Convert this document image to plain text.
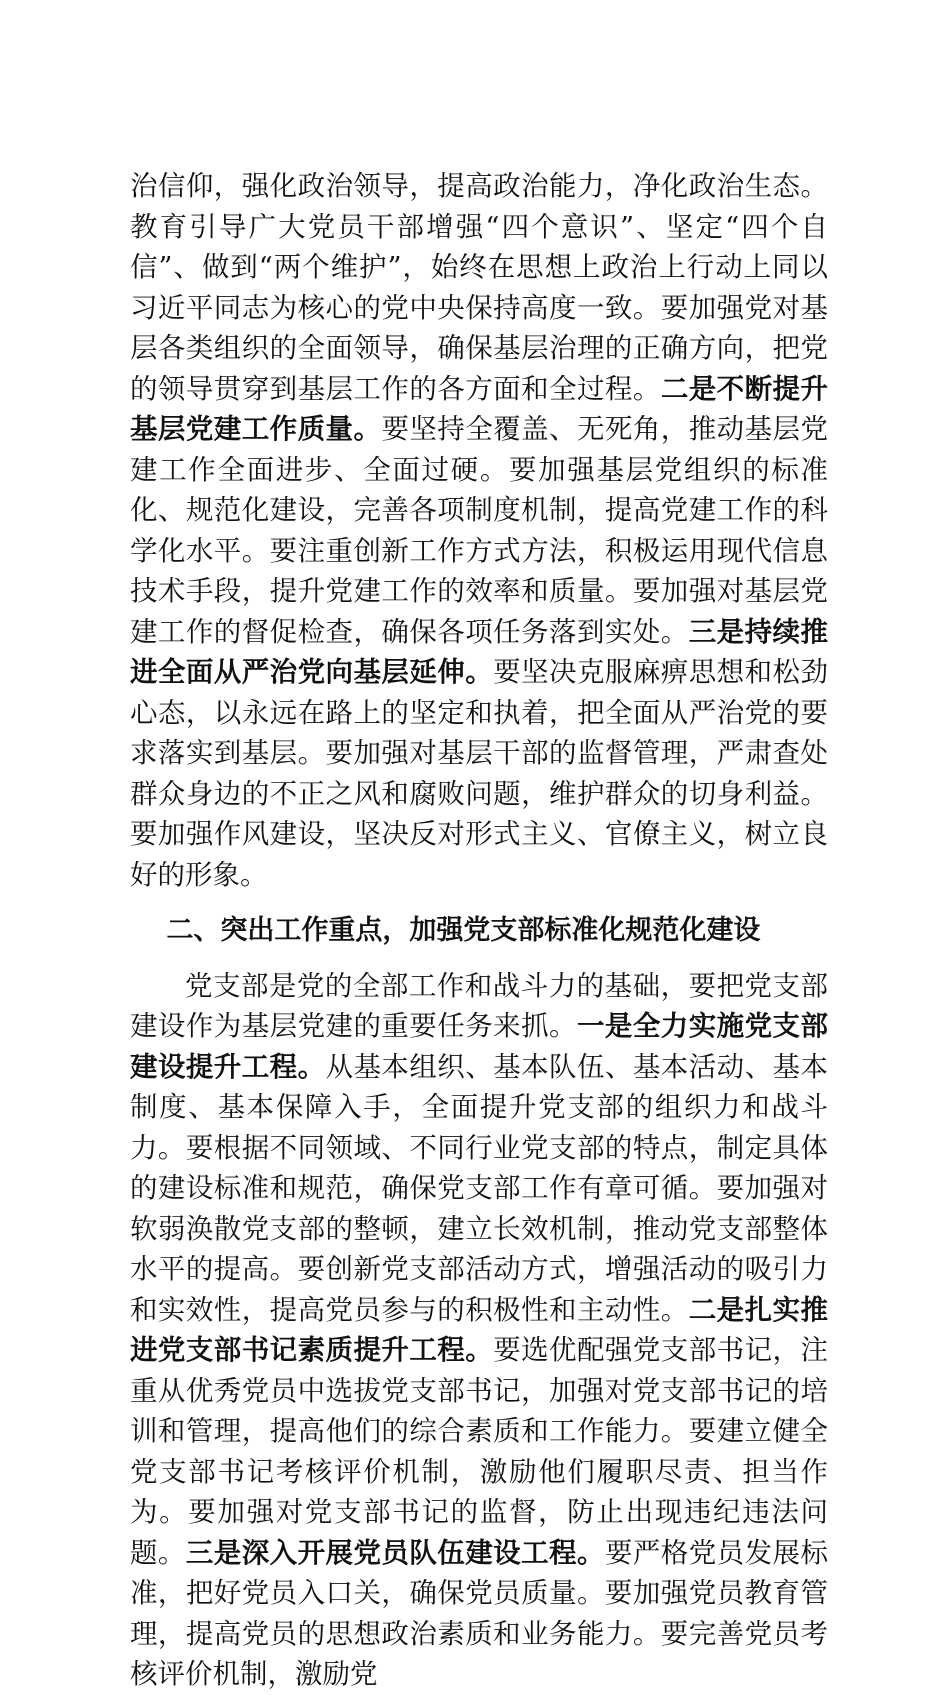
治信仰，强化政治领导，提高政治能力，净化政治生态。教育引导广大党员干部增强“四个意识”、坚定“四个自信”、做到“两个维护”，始终在思想上政治上行动上同以习近平同志为核心的党中央保持高度一致。要加强党对基层各类组织的全面领导，确保基层治理的正确方向，把党的领导贯穿到基层工作的各方面和全过程。二是不断提升基层党建工作质量。要坚持全覆盖、无死角，推动基层党建工作全面进步、全面过硬。要加强基层党组织的标准化、规范化建设，完善各项制度机制，提高党建工作的科学化水平。要注重创新工作方式方法，积极运用现代信息技术手段，提升党建工作的效率和质量。要加强对基层党建工作的督促检查，确保各项任务落到实处。三是持续推进全面从严治党向基层延伸。要坚决克服麻痹思想和松劲心态，以永远在路上的坚定和执着，把全面从严治党的要求落实到基层。要加强对基层干部的监督管理，严肃查处群众身边的不正之风和腐败问题，维护群众的切身利益。要加强作风建设，坚决反对形式主义、官僚主义，树立良好的形象。

二、突出工作重点，加强党支部标准化规范化建设

党支部是党的全部工作和战斗力的基础，要把党支部建设作为基层党建的重要任务来抓。一是全力实施党支部建设提升工程。从基本组织、基本队伍、基本活动、基本制度、基本保障入手，全面提升党支部的组织力和战斗力。要根据不同领域、不同行业党支部的特点，制定具体的建设标准和规范，确保党支部工作有章可循。要加强对软弱涣散党支部的整顿，建立长效机制，推动党支部整体水平的提高。要创新党支部活动方式，增强活动的吸引力和实效性，提高党员参与的积极性和主动性。二是扎实推进党支部书记素质提升工程。要选优配强党支部书记，注重从优秀党员中选拔党支部书记，加强对党支部书记的培训和管理，提高他们的综合素质和工作能力。要建立健全党支部书记考核评价机制，激励他们履职尽责、担当作为。要加强对党支部书记的监督，防止出现违纪违法问题。三是深入开展党员队伍建设工程。要严格党员发展标准，把好党员入口关，确保党员质量。要加强党员教育管理，提高党员的思想政治素质和业务能力。要完善党员考核评价机制，激励党
